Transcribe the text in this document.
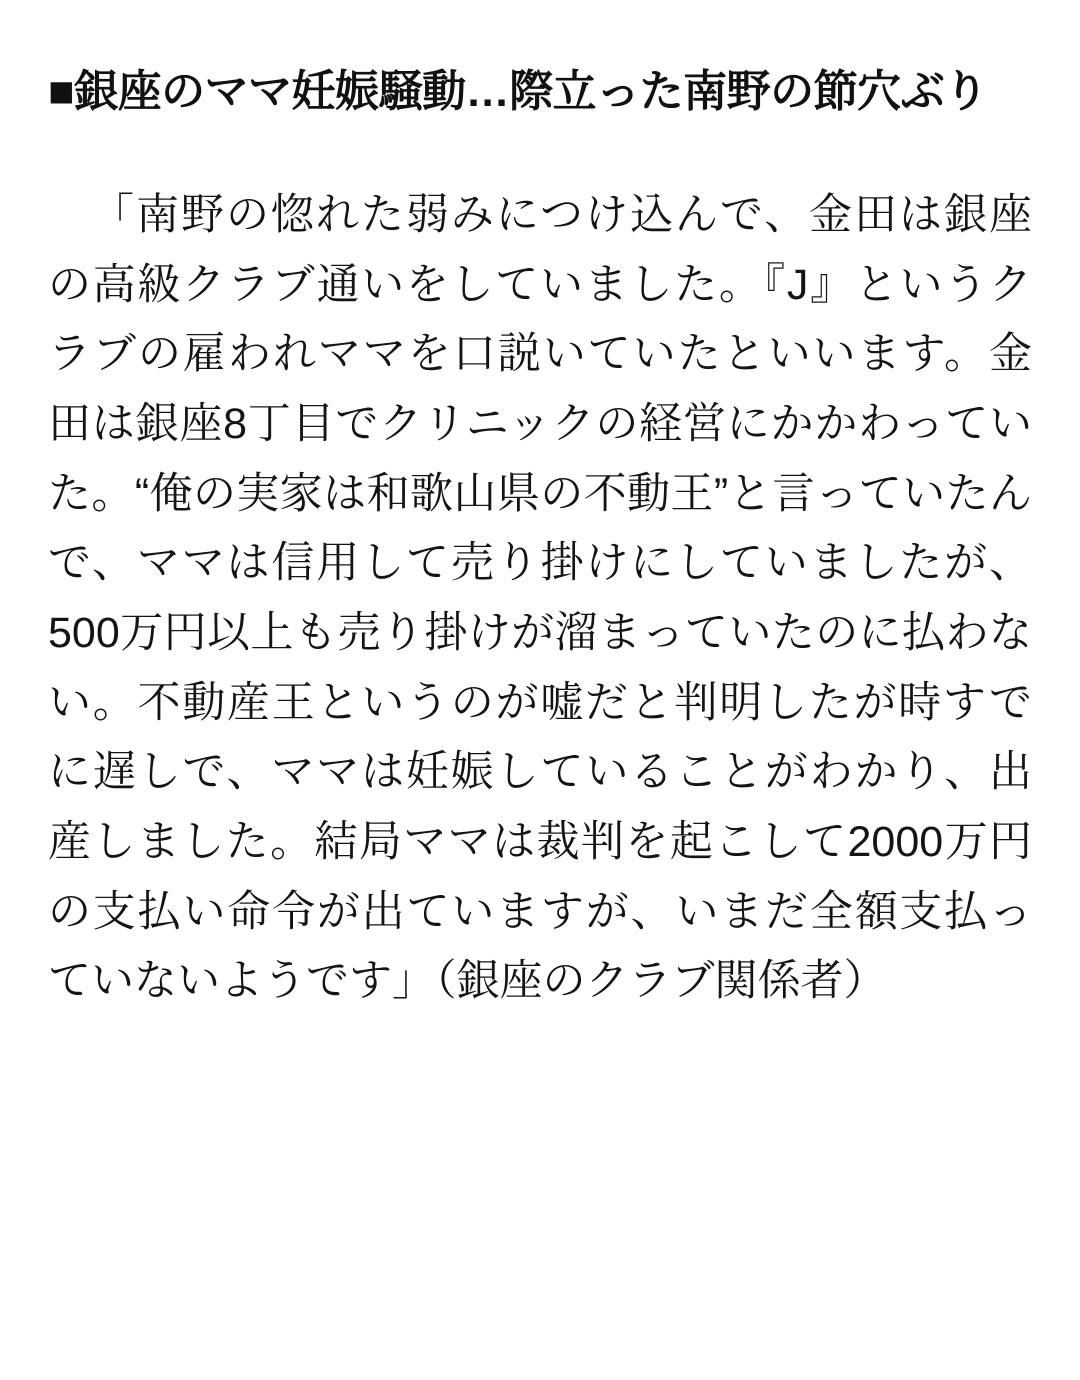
■銀座のママ妊娠騒動…際立った南野の節穴ぶり

「南野の惚れた弱みにつけ込んで、金田は銀座の高級クラブ通いをしていました。『J』というクラブの雇われママを口説いていたといいます。金田は銀座8丁目でクリニックの経営にかかわっていた。“俺の実家は和歌山県の不動王”と言っていたんで、ママは信用して売り掛けにしていましたが、500万円以上も売り掛けが溜まっていたのに払わない。不動産王というのが嘘だと判明したが時すでに遅しで、ママは妊娠していることがわかり、出産しました。結局ママは裁判を起こして2000万円の支払い命令が出ていますが、いまだ全額支払っていないようです」（銀座のクラブ関係者）
